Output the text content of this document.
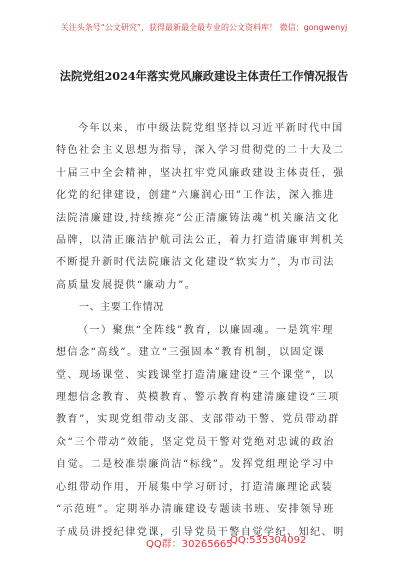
关注头条号“公文研究”，获得最新最全最专业的公文资料库！ 微信：gongwenyj
法院党组2024年落实党风廉政建设主体责任工作情况报告
今年以来，市中级法院党组坚持以习近平新时代中国
特色社会主义思想为指导，深入学习贯彻党的二十大及二
十届三中全会精神，坚决扛牢党风廉政建设主体责任，强
化党的纪律建设，创建“六廉润心田”工作法，深入推进
法院清廉建设,持续擦亮“公正清廉铸法魂”机关廉洁文化
品牌，以清正廉洁护航司法公正，着力打造清廉审判机关
不断提升新时代法院廉洁文化建设“软实力”，为市司法
高质量发展提供“廉动力”。
一、主要工作情况
（一）聚焦“全阵线”教育，以廉固魂。一是筑牢理
想信念“高线”。建立“三强固本”教育机制，以固定课
堂、现场课堂、实践课堂打造清廉建设“三个课堂”，以
理想信念教育、英模教育、警示教育构建清廉建设“三项
教育”，实现党组带动支部、支部带动干警、党员带动群
众“三个带动”效能，坚定党员干警对党绝对忠诚的政治
自觉。二是校准崇廉尚洁“标线”。发挥党组理论学习中
心组带动作用，开展集中学习研讨，打造清廉理论武装
“示范班”。定期举办清廉建设专题读书班、安排领导班
子成员讲授纪律党课，引导党员干警自觉学纪、知纪、明
QQ群：30265665
QQ:535304092
